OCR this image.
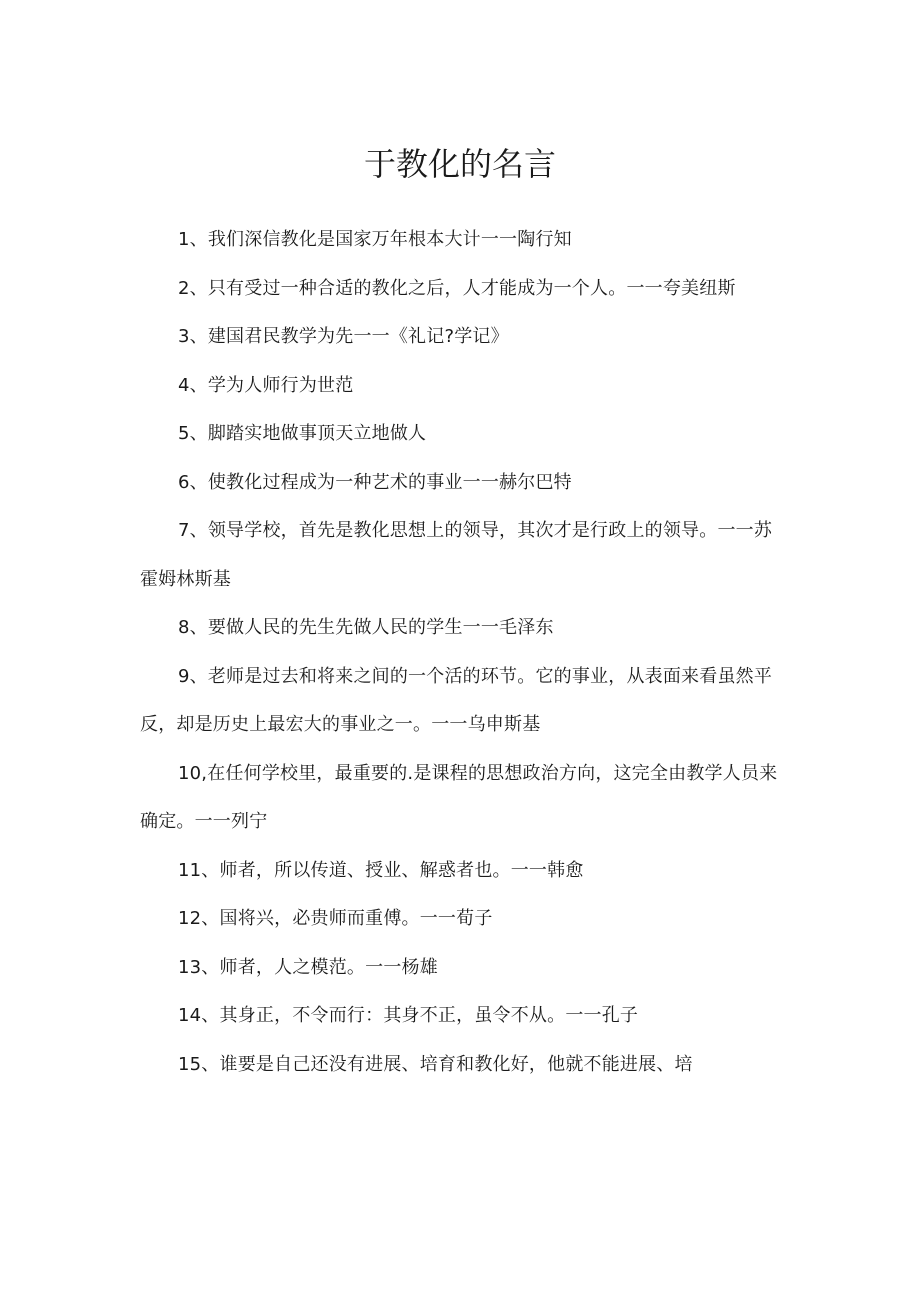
于教化的名言

1、我们深信教化是国家万年根本大计一一陶行知

2、只有受过一种合适的教化之后，人才能成为一个人。一一夸美纽斯

3、建国君民教学为先一一《礼记?学记》

4、学为人师行为世范

5、脚踏实地做事顶天立地做人

6、使教化过程成为一种艺术的事业一一赫尔巴特

7、领导学校，首先是教化思想上的领导，其次才是行政上的领导。一一苏霍姆林斯基

8、要做人民的先生先做人民的学生一一毛泽东

9、老师是过去和将来之间的一个活的环节。它的事业，从表面来看虽然平反，却是历史上最宏大的事业之一。一一乌申斯基

10,在任何学校里，最重要的.是课程的思想政治方向，这完全由教学人员来确定。一一列宁

11、师者，所以传道、授业、解惑者也。一一韩愈

12、国将兴，必贵师而重傅。一一荀子

13、师者，人之模范。一一杨雄

14、其身正，不令而行：其身不正，虽令不从。一一孔子

15、谁要是自己还没有进展、培育和教化好，他就不能进展、培
